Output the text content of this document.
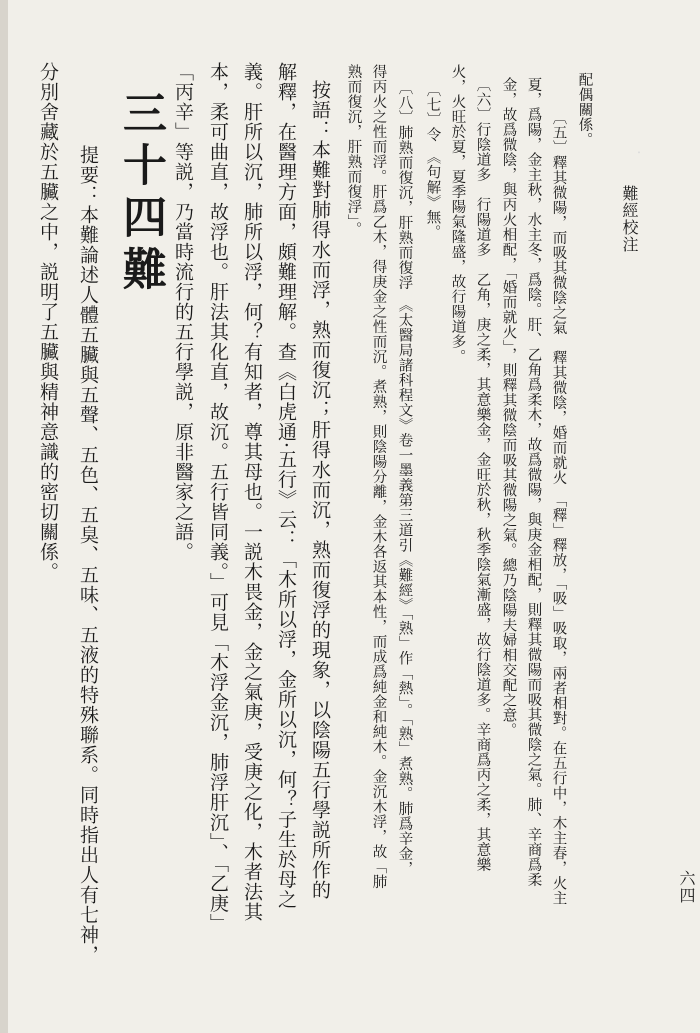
·
難經校注
六四
配偶關係。
〔五〕釋其微陽，而吸其微陰之氣　釋其微陰，婚而就火　「釋」釋放，「吸」吸取，兩者相對。在五行中，木主春，火主
夏，爲陽，金主秋，水主冬，爲陰。肝、乙角爲柔木，故爲微陽，與庚金相配，則釋其微陽而吸其微陰之氣。肺、辛商爲柔
金，故爲微陰，與丙火相配，「婚而就火」，則釋其微陰而吸其微陽之氣。總乃陰陽夫婦相交配之意。
〔六〕行陰道多　行陽道多　乙角，庚之柔，其意樂金，金旺於秋，秋季陰氣漸盛，故行陰道多。辛商爲丙之柔，其意樂
火，火旺於夏，夏季陽氣隆盛，故行陽道多。
〔七〕令　《句解》無。
〔八〕肺熟而復沉，肝熟而復浮　《太醫局諸科程文》卷一墨義第三道引《難經》「熟」作「熱」。「熟」煮熟。肺爲辛金，
得丙火之性而浮。肝爲乙木，得庚金之性而沉。煮熟，則陰陽分離，金木各返其本性，而成爲純金和純木。金沉木浮，故「肺
熟而復沉，肝熟而復浮」。
按語：本難對肺得水而浮，熟而復沉；肝得水而沉，熟而復浮的現象，以陰陽五行學説所作的
解釋，在醫理方面，頗難理解。查《白虎通·五行》云：「木所以浮，金所以沉，何？子生於母之
義。肝所以沉，肺所以浮，何？有知者，尊其母也。一説木畏金，金之氣庚，受庚之化，木者法其
本，柔可曲直，故浮也。肝法其化直，故沉。五行皆同義。」可見「木浮金沉，肺浮肝沉」、「乙庚」
「丙辛」等説，乃當時流行的五行學説，原非醫家之語。
三十四難
提要：本難論述人體五臟與五聲、五色、五臭、五味、五液的特殊聯系。同時指出人有七神，
分別舍藏於五臟之中，説明了五臟與精神意識的密切關係。
